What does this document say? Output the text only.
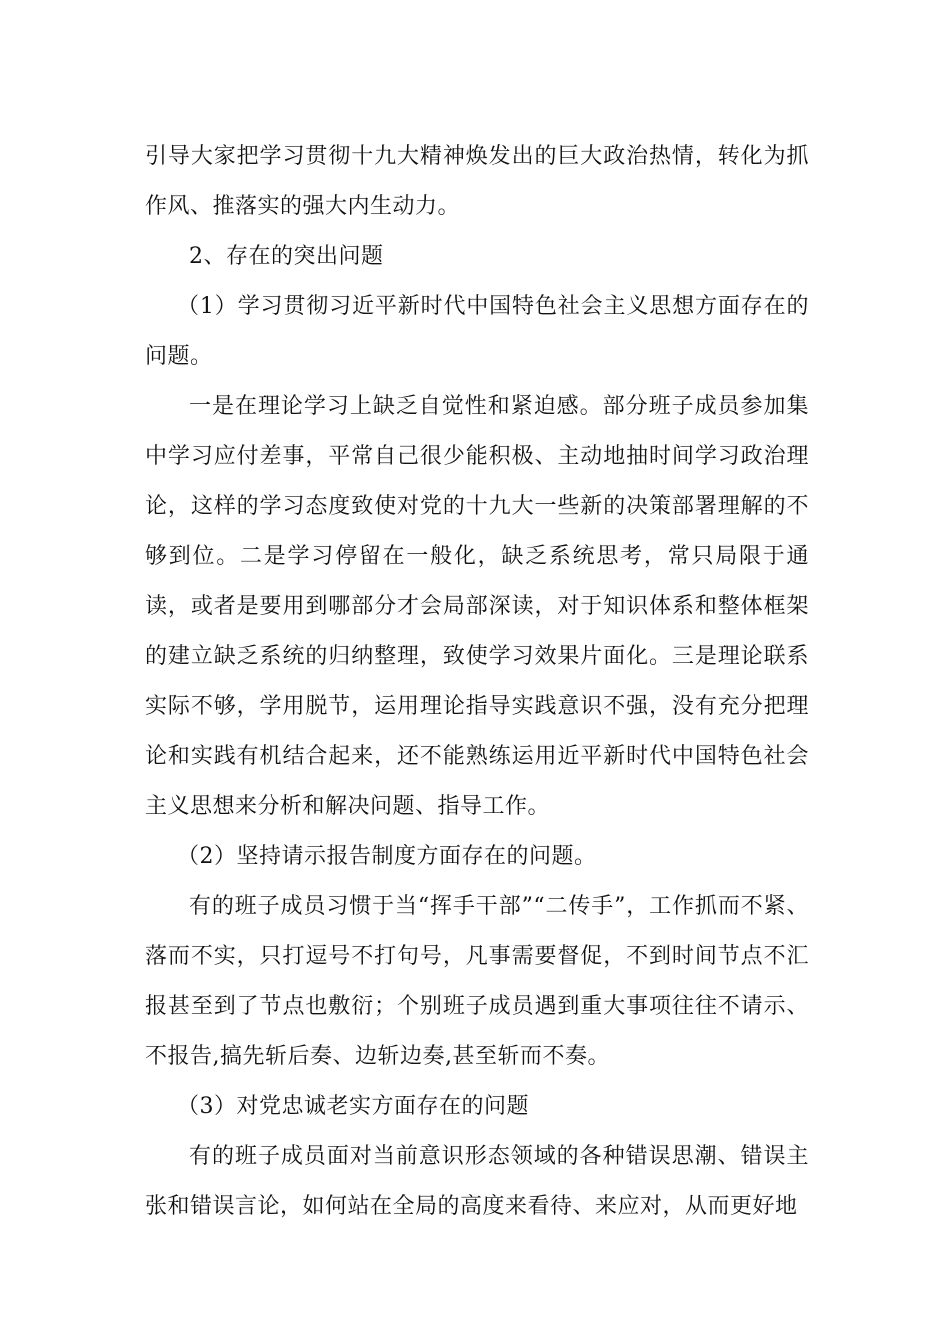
引导大家把学习贯彻十九大精神焕发出的巨大政治热情，转化为抓作风、推落实的强大内生动力。

2、存在的突出问题

（1）学习贯彻习近平新时代中国特色社会主义思想方面存在的问题。

一是在理论学习上缺乏自觉性和紧迫感。部分班子成员参加集中学习应付差事，平常自己很少能积极、主动地抽时间学习政治理论，这样的学习态度致使对党的十九大一些新的决策部署理解的不够到位。二是学习停留在一般化，缺乏系统思考，常只局限于通读，或者是要用到哪部分才会局部深读，对于知识体系和整体框架的建立缺乏系统的归纳整理，致使学习效果片面化。三是理论联系实际不够，学用脱节，运用理论指导实践意识不强，没有充分把理论和实践有机结合起来，还不能熟练运用近平新时代中国特色社会主义思想来分析和解决问题、指导工作。

（2）坚持请示报告制度方面存在的问题。

有的班子成员习惯于当“挥手干部”“二传手”，工作抓而不紧、落而不实，只打逗号不打句号，凡事需要督促，不到时间节点不汇报甚至到了节点也敷衍；个别班子成员遇到重大事项往往不请示、不报告,搞先斩后奏、边斩边奏,甚至斩而不奏。

（3）对党忠诚老实方面存在的问题

有的班子成员面对当前意识形态领域的各种错误思潮、错误主张和错误言论，如何站在全局的高度来看待、来应对，从而更好地
